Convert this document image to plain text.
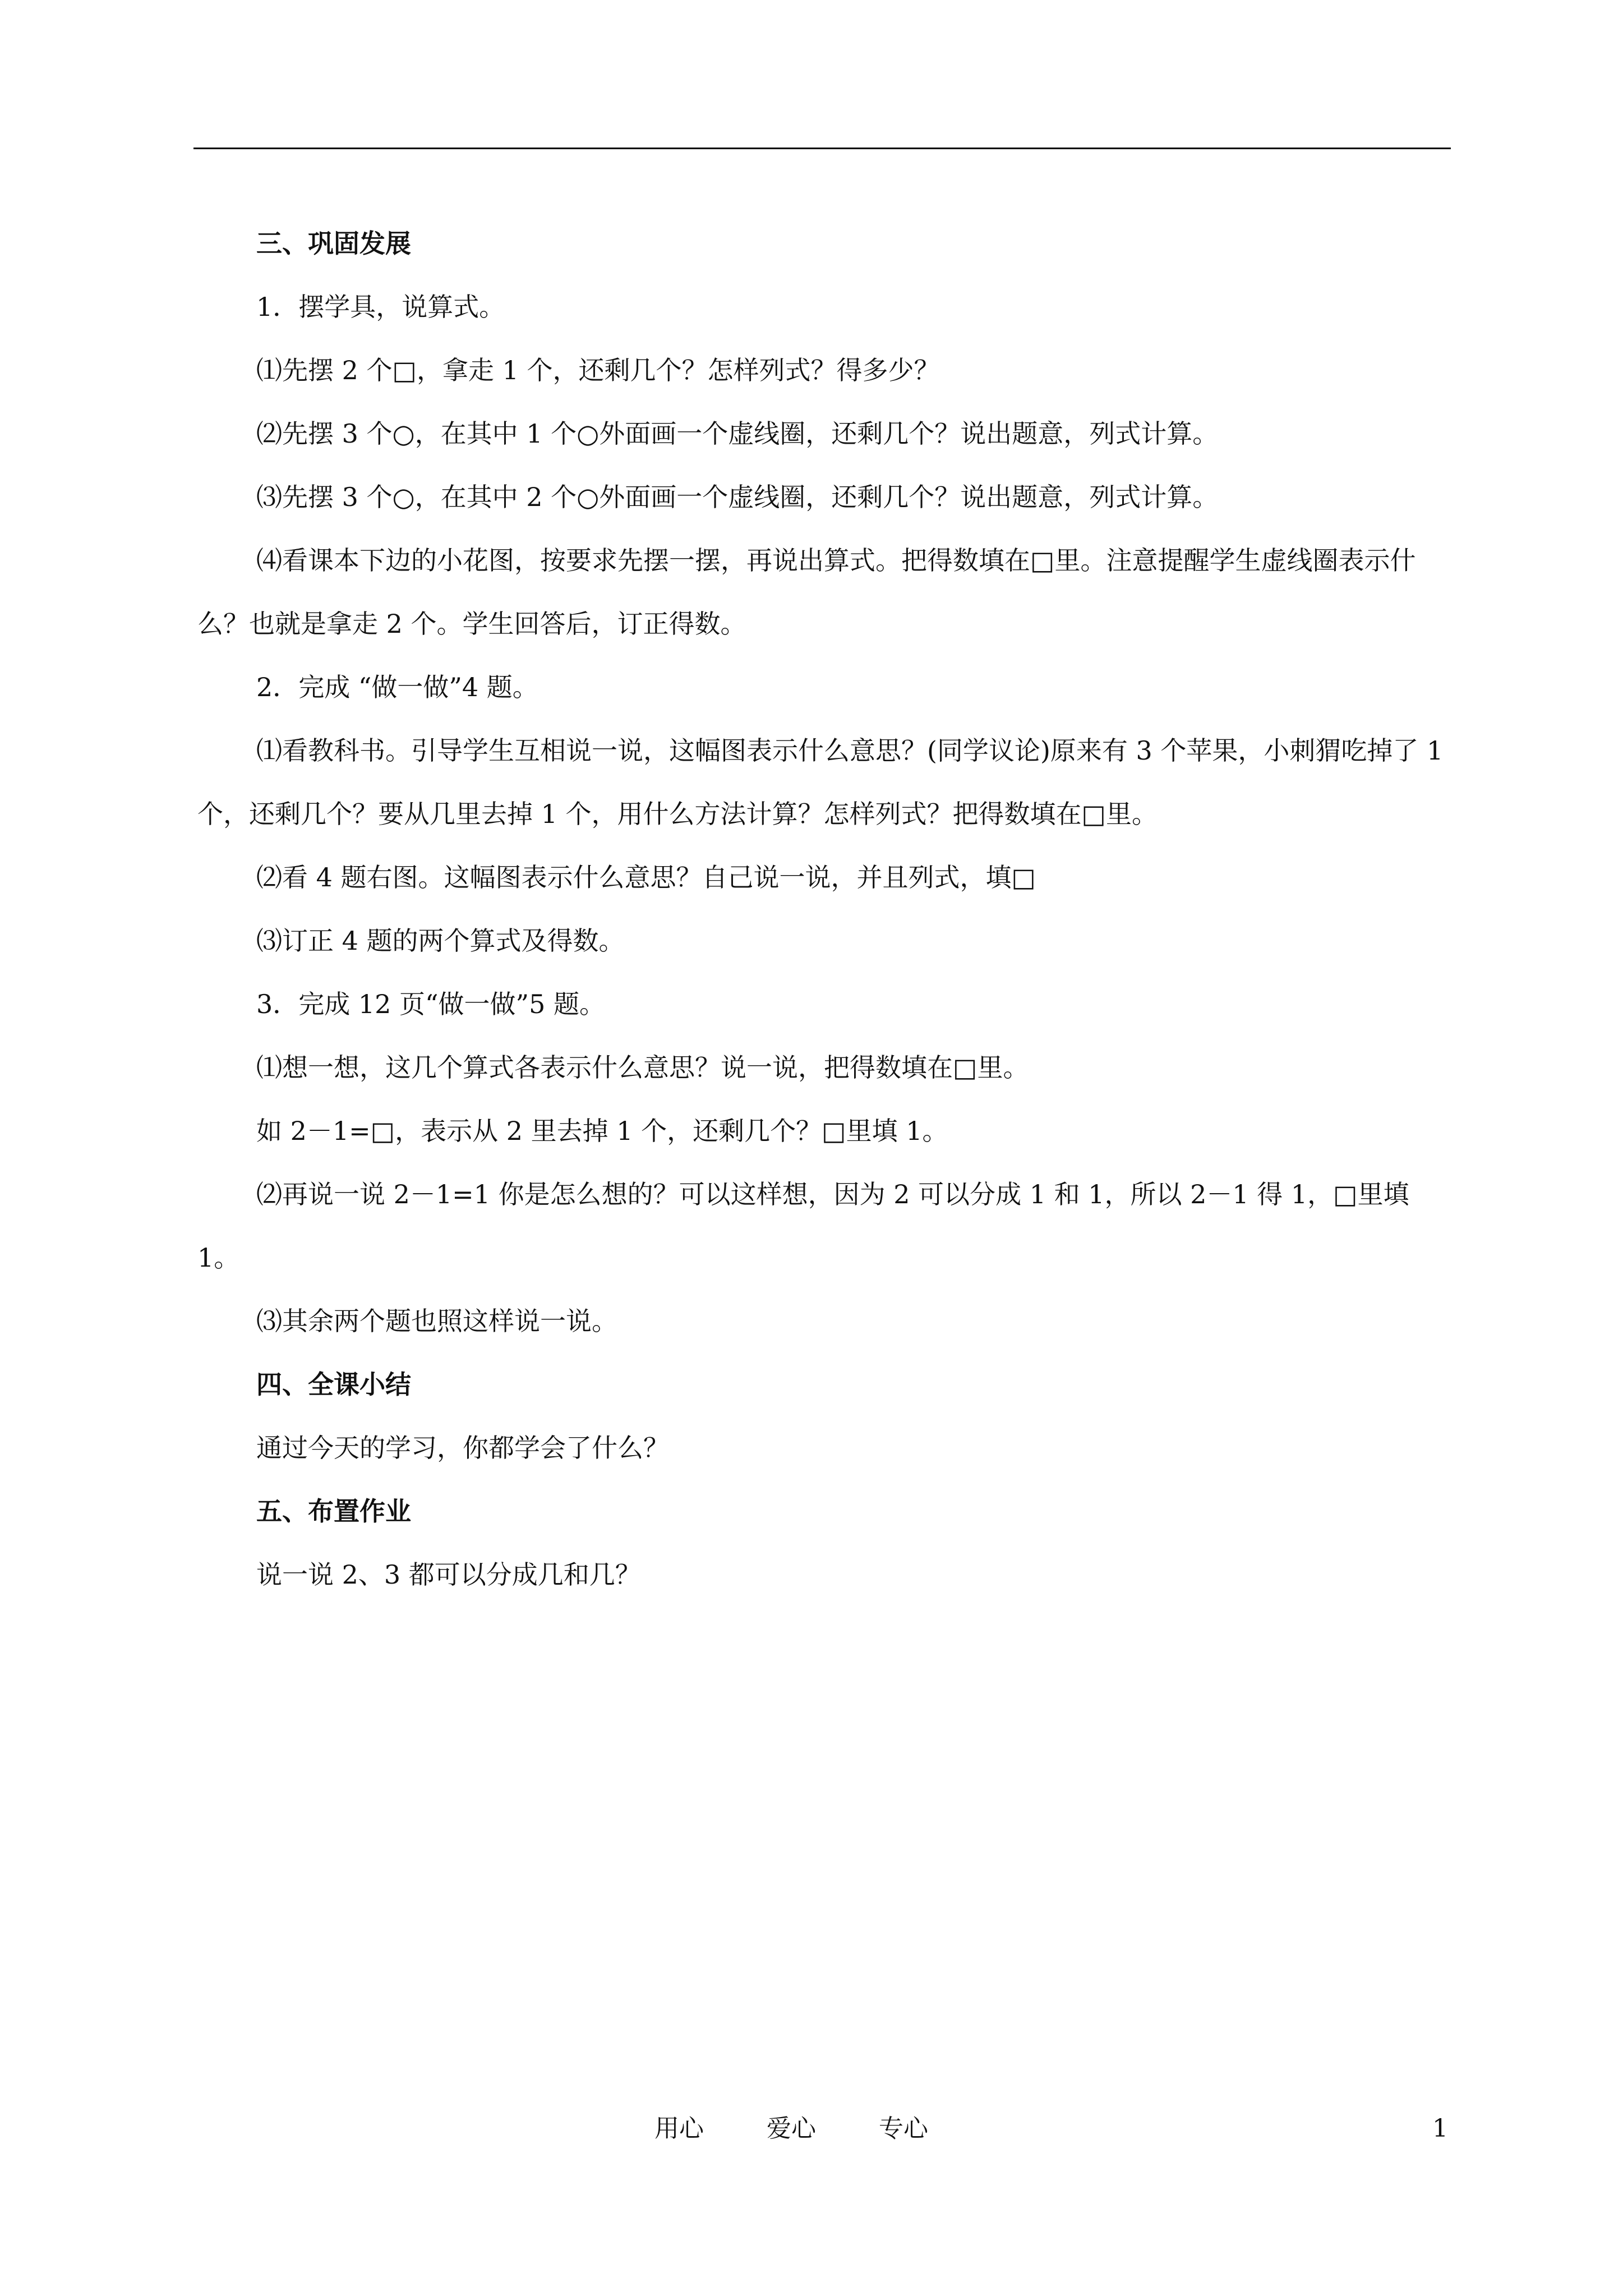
三、巩固发展
1．摆学具，说算式。
⑴先摆 2 个□，拿走 1 个，还剩几个？怎样列式？得多少？
⑵先摆 3 个○，在其中 1 个○外面画一个虚线圈，还剩几个？说出题意，列式计算。
⑶先摆 3 个○，在其中 2 个○外面画一个虚线圈，还剩几个？说出题意，列式计算。
⑷看课本下边的小花图，按要求先摆一摆，再说出算式。把得数填在□里。注意提醒学生虚线圈表示什么？也就是拿走 2 个。学生回答后，订正得数。
2．完成 “做一做”4 题。
⑴看教科书。引导学生互相说一说，这幅图表示什么意思？(同学议论)原来有 3 个苹果，小刺猬吃掉了 1 个，还剩几个？要从几里去掉 1 个，用什么方法计算？怎样列式？把得数填在□里。
⑵看 4 题右图。这幅图表示什么意思？自己说一说，并且列式，填□
⑶订正 4 题的两个算式及得数。
3．完成 12 页“做一做”5 题。
⑴想一想，这几个算式各表示什么意思？说一说，把得数填在□里。
如 2－1=□，表示从 2 里去掉 1 个，还剩几个？□里填 1。
⑵再说一说 2－1=1 你是怎么想的？可以这样想，因为 2 可以分成 1 和 1，所以 2－1 得 1，□里填 1。
⑶其余两个题也照这样说一说。
四、全课小结
通过今天的学习，你都学会了什么？
五、布置作业
说一说 2、3 都可以分成几和几？
用心	爱心	专心	1
